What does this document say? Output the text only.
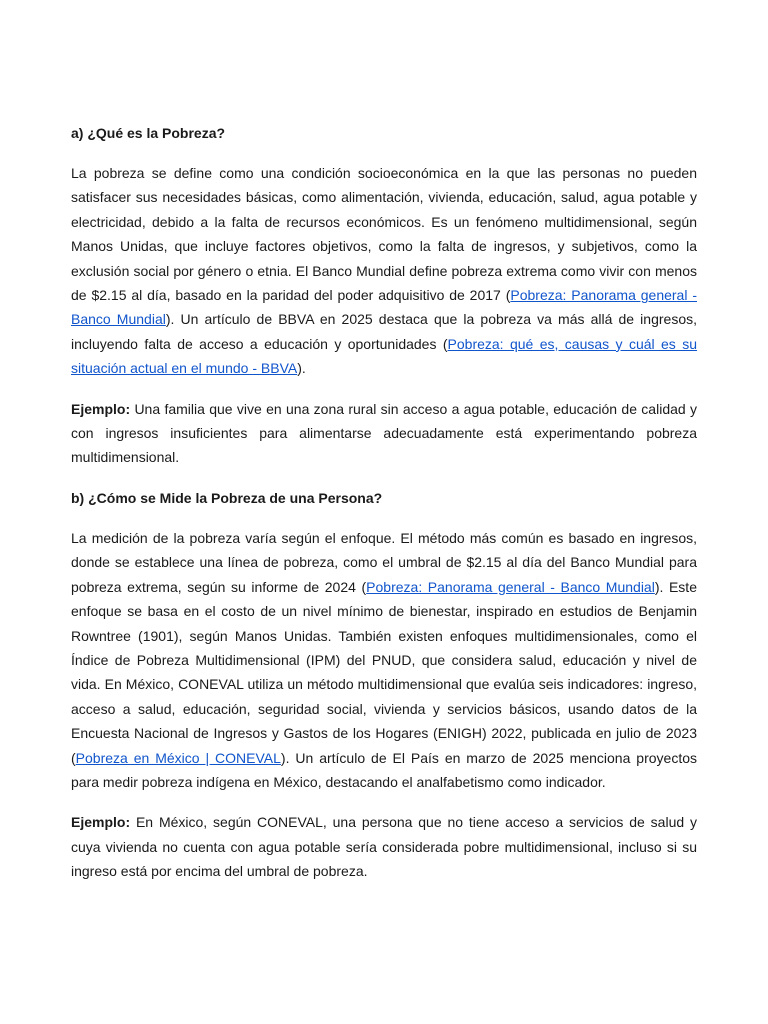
a) ¿Qué es la Pobreza?

La pobreza se define como una condición socioeconómica en la que las personas no pueden satisfacer sus necesidades básicas, como alimentación, vivienda, educación, salud, agua potable y electricidad, debido a la falta de recursos económicos. Es un fenómeno multidimensional, según Manos Unidas, que incluye factores objetivos, como la falta de ingresos, y subjetivos, como la exclusión social por género o etnia. El Banco Mundial define pobreza extrema como vivir con menos de $2.15 al día, basado en la paridad del poder adquisitivo de 2017 (Pobreza: Panorama general - Banco Mundial). Un artículo de BBVA en 2025 destaca que la pobreza va más allá de ingresos, incluyendo falta de acceso a educación y oportunidades (Pobreza: qué es, causas y cuál es su situación actual en el mundo - BBVA).

Ejemplo: Una familia que vive en una zona rural sin acceso a agua potable, educación de calidad y con ingresos insuficientes para alimentarse adecuadamente está experimentando pobreza multidimensional.

b) ¿Cómo se Mide la Pobreza de una Persona?

La medición de la pobreza varía según el enfoque. El método más común es basado en ingresos, donde se establece una línea de pobreza, como el umbral de $2.15 al día del Banco Mundial para pobreza extrema, según su informe de 2024 (Pobreza: Panorama general - Banco Mundial). Este enfoque se basa en el costo de un nivel mínimo de bienestar, inspirado en estudios de Benjamin Rowntree (1901), según Manos Unidas. También existen enfoques multidimensionales, como el Índice de Pobreza Multidimensional (IPM) del PNUD, que considera salud, educación y nivel de vida. En México, CONEVAL utiliza un método multidimensional que evalúa seis indicadores: ingreso, acceso a salud, educación, seguridad social, vivienda y servicios básicos, usando datos de la Encuesta Nacional de Ingresos y Gastos de los Hogares (ENIGH) 2022, publicada en julio de 2023 (Pobreza en México | CONEVAL). Un artículo de El País en marzo de 2025 menciona proyectos para medir pobreza indígena en México, destacando el analfabetismo como indicador.

Ejemplo: En México, según CONEVAL, una persona que no tiene acceso a servicios de salud y cuya vivienda no cuenta con agua potable sería considerada pobre multidimensional, incluso si su ingreso está por encima del umbral de pobreza.
